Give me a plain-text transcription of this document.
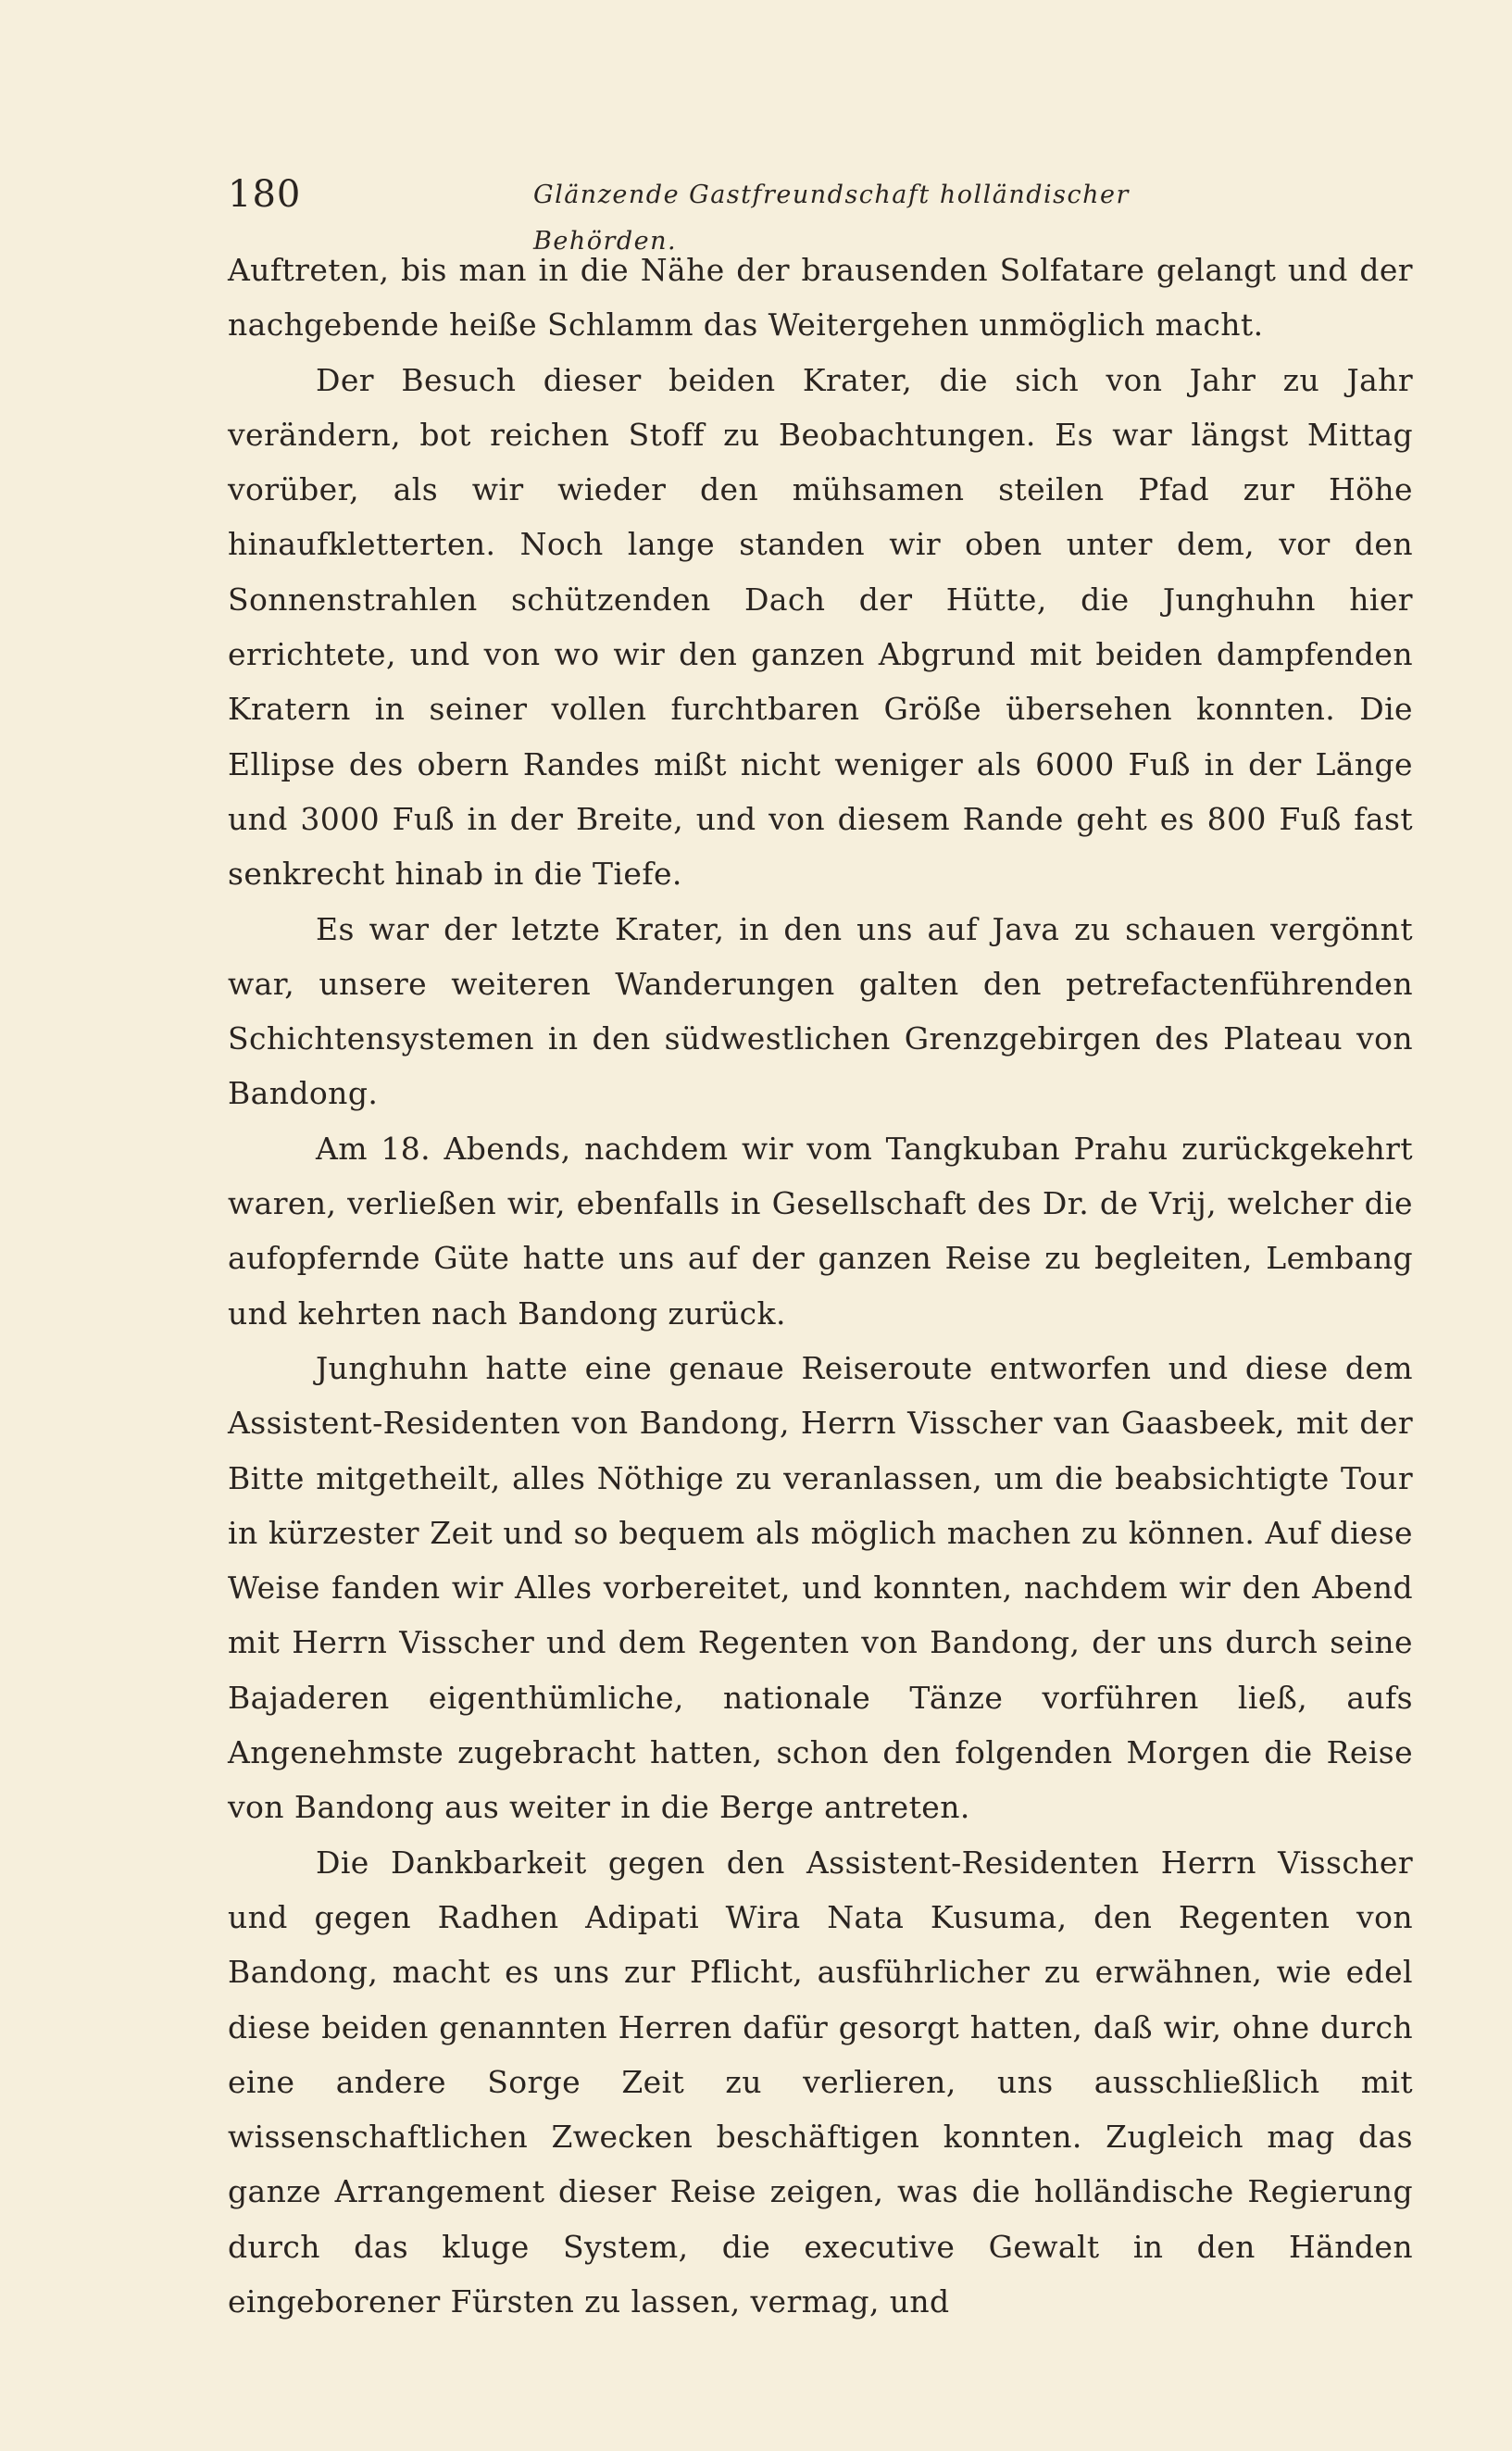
180	Glänzende Gastfreundschaft holländischer Behörden.

Auftreten, bis man in die Nähe der brausenden Solfatare gelangt und der nachgebende heiße Schlamm das Weitergehen unmöglich macht.

Der Besuch dieser beiden Krater, die sich von Jahr zu Jahr verändern, bot reichen Stoff zu Beobachtungen. Es war längst Mittag vorüber, als wir wieder den mühsamen steilen Pfad zur Höhe hinaufkletterten. Noch lange standen wir oben unter dem, vor den Sonnenstrahlen schützenden Dach der Hütte, die Junghuhn hier errichtete, und von wo wir den ganzen Abgrund mit beiden dampfenden Kratern in seiner vollen furchtbaren Größe übersehen konnten. Die Ellipse des obern Randes mißt nicht weniger als 6000 Fuß in der Länge und 3000 Fuß in der Breite, und von diesem Rande geht es 800 Fuß fast senkrecht hinab in die Tiefe.

Es war der letzte Krater, in den uns auf Java zu schauen vergönnt war, unsere weiteren Wanderungen galten den petrefactenführenden Schichtensystemen in den südwestlichen Grenzgebirgen des Plateau von Bandong.

Am 18. Abends, nachdem wir vom Tangkuban Prahu zurückgekehrt waren, verließen wir, ebenfalls in Gesellschaft des Dr. de Vrij, welcher die aufopfernde Güte hatte uns auf der ganzen Reise zu begleiten, Lembang und kehrten nach Bandong zurück.

Junghuhn hatte eine genaue Reiseroute entworfen und diese dem Assistent-Residenten von Bandong, Herrn Visscher van Gaasbeek, mit der Bitte mitgetheilt, alles Nöthige zu veranlassen, um die beabsichtigte Tour in kürzester Zeit und so bequem als möglich machen zu können. Auf diese Weise fanden wir Alles vorbereitet, und konnten, nachdem wir den Abend mit Herrn Visscher und dem Regenten von Bandong, der uns durch seine Bajaderen eigenthümliche, nationale Tänze vorführen ließ, aufs Angenehmste zugebracht hatten, schon den folgenden Morgen die Reise von Bandong aus weiter in die Berge antreten.

Die Dankbarkeit gegen den Assistent-Residenten Herrn Visscher und gegen Radhen Adipati Wira Nata Kusuma, den Regenten von Bandong, macht es uns zur Pflicht, ausführlicher zu erwähnen, wie edel diese beiden genannten Herren dafür gesorgt hatten, daß wir, ohne durch eine andere Sorge Zeit zu verlieren, uns ausschließlich mit wissenschaftlichen Zwecken beschäftigen konnten. Zugleich mag das ganze Arrangement dieser Reise zeigen, was die holländische Regierung durch das kluge System, die executive Gewalt in den Händen eingeborener Fürsten zu lassen, vermag, und
